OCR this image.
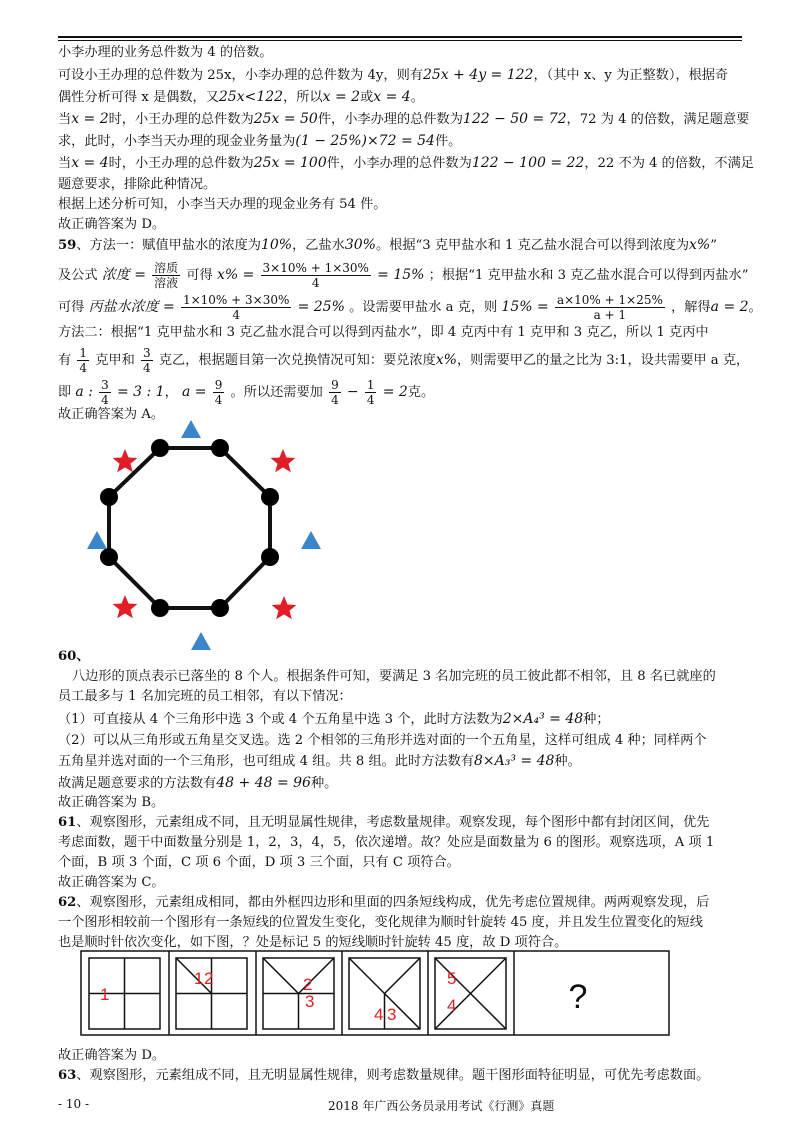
小李办理的业务总件数为 4 的倍数。
可设小王办理的总件数为 25x，小李办理的总件数为 4y，则有25x + 4y = 122，（其中 x、y 为正整数），根据奇
偶性分析可得 x 是偶数，又25x<122，所以x = 2或x = 4。
当x = 2时，小王办理的总件数为25x = 50件，小李办理的总件数为122 − 50 = 72，72 为 4 的倍数，满足题意要
求，此时，小李当天办理的现金业务量为(1 − 25%)×72 = 54件。
当x = 4时，小王办理的总件数为25x = 100件，小李办理的总件数为122 − 100 = 22，22 不为 4 的倍数，不满足
题意要求，排除此种情况。
根据上述分析可知，小李当天办理的现金业务有 54 件。
故正确答案为 D。
59、方法一：赋值甲盐水的浓度为10%，乙盐水30%。根据“3 克甲盐水和 1 克乙盐水混合可以得到浓度为x%”
及公式 浓度 = $\frac{\text{溶质}}{\text{溶液}}$ 可得 $x\% = \frac{3\times 10\% + 1\times 30\%}{4} = 15\%$ ；根据“1 克甲盐水和 3 克乙盐水混合可以得到丙盐水”
可得 丙盐水浓度 = $\frac{1\times 10\% + 3\times 30\%}{4} = 25\%$ 。设需要甲盐水 a 克，则 $15\% = \frac{a\times 10\% + 1\times 25\%}{a + 1}$ ，解得a = 2。
方法二：根据“1 克甲盐水和 3 克乙盐水混合可以得到丙盐水”，即 4 克丙中有 1 克甲和 3 克乙，所以 1 克丙中
有 $\frac{1}{4}$ 克甲和 $\frac{3}{4}$ 克乙，根据题目第一次兑换情况可知：要兑浓度x%，则需要甲乙的量之比为 3:1，设共需要甲 a 克，
即 a : $\frac{3}{4} = 3$ : 1， $a = \frac{9}{4}$ 。所以还需要加 $\frac{9}{4} - \frac{1}{4} = 2$克。
故正确答案为 A。
60、
八边形的顶点表示已落坐的 8 个人。根据条件可知，要满足 3 名加完班的员工彼此都不相邻，且 8 名已就座的
员工最多与 1 名加完班的员工相邻，有以下情况：
（1）可直接从 4 个三角形中选 3 个或 4 个五角星中选 3 个，此时方法数为2×A₄³ = 48种；
（2）可以从三角形或五角星交叉选。选 2 个相邻的三角形并选对面的一个五角星，这样可组成 4 种；同样两个
五角星并选对面的一个三角形，也可组成 4 组。共 8 组。此时方法数有8×A₃³ = 48种。
故满足题意要求的方法数有48 + 48 = 96种。
故正确答案为 B。
61、观察图形，元素组成不同，且无明显属性规律，考虑数量规律。观察发现，每个图形中都有封闭区间，优先
考虑面数，题干中面数量分别是 1，2，3，4，5，依次递增。故？处应是面数量为 6 的图形。观察选项，A 项 1
个面，B 项 3 个面，C 项 6 个面，D 项 3 三个面，只有 C 项符合。
故正确答案为 C。
62、观察图形，元素组成相同，都由外框四边形和里面的四条短线构成，优先考虑位置规律。两两观察发现，后
一个图形相较前一个图形有一条短线的位置发生变化，变化规律为顺时针旋转 45 度，并且发生位置变化的短线
也是顺时针依次变化，如下图，？处是标记 5 的短线顺时针旋转 45 度，故 D 项符合。
1
1 2	2
3
4 3
5
4	?
故正确答案为 D。
63、观察图形，元素组成不同，且无明显属性规律，则考虑数量规律。题干图形面特征明显，可优先考虑数面。
- 10 -	2018 年广西公务员录用考试《行测》真题
